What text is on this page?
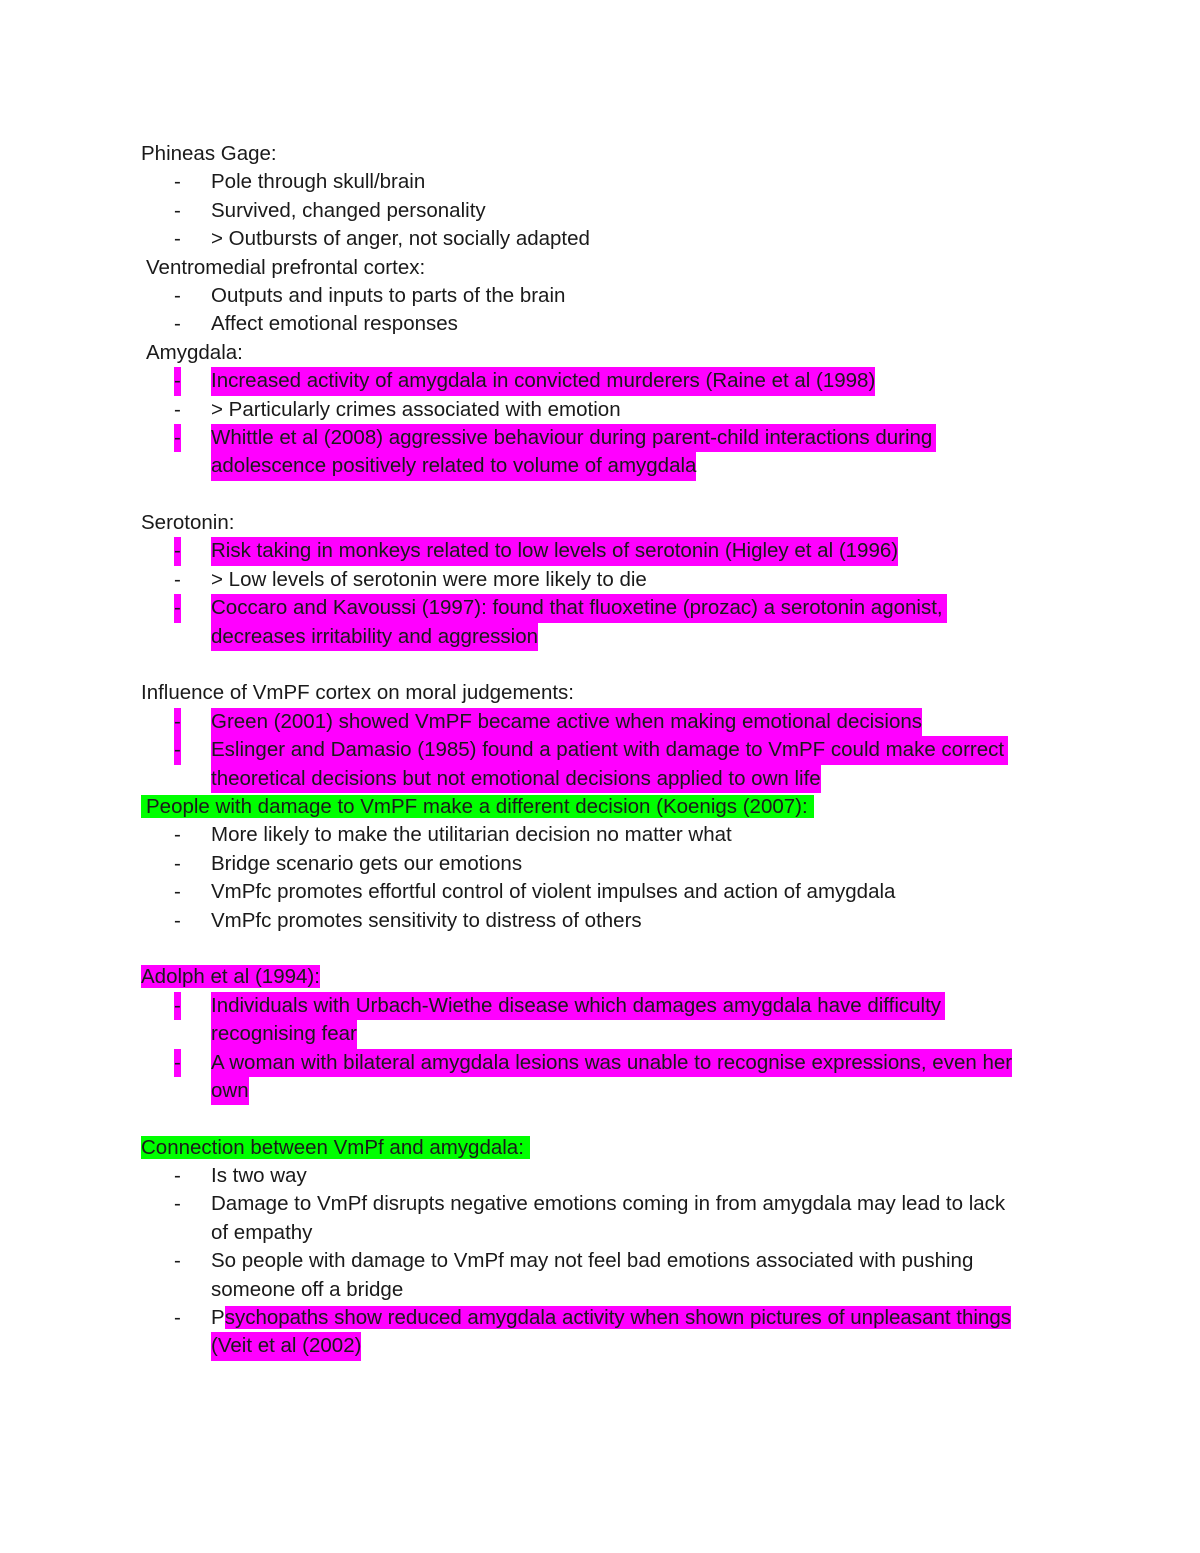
Phineas Gage:
- Pole through skull/brain
- Survived, changed personality
- > Outbursts of anger, not socially adapted
Ventromedial prefrontal cortex:
- Outputs and inputs to parts of the brain
- Affect emotional responses
Amygdala:
- Increased activity of amygdala in convicted murderers (Raine et al (1998)
- > Particularly crimes associated with emotion
- Whittle et al (2008) aggressive behaviour during parent-child interactions during
adolescence positively related to volume of amygdala
Serotonin:
- Risk taking in monkeys related to low levels of serotonin (Higley et al (1996)
- > Low levels of serotonin were more likely to die
- Coccaro and Kavoussi (1997): found that fluoxetine (prozac) a serotonin agonist,
decreases irritability and aggression
Influence of VmPF cortex on moral judgements:
- Green (2001) showed VmPF became active when making emotional decisions
- Eslinger and Damasio (1985) found a patient with damage to VmPF could make correct
theoretical decisions but not emotional decisions applied to own life
People with damage to VmPF make a different decision (Koenigs (2007):
- More likely to make the utilitarian decision no matter what
- Bridge scenario gets our emotions
- VmPfc promotes effortful control of violent impulses and action of amygdala
- VmPfc promotes sensitivity to distress of others
Adolph et al (1994):
- Individuals with Urbach-Wiethe disease which damages amygdala have difficulty
recognising fear
- A woman with bilateral amygdala lesions was unable to recognise expressions, even her
own
Connection between VmPf and amygdala:
- Is two way
- Damage to VmPf disrupts negative emotions coming in from amygdala may lead to lack
of empathy
- So people with damage to VmPf may not feel bad emotions associated with pushing
someone off a bridge
- Psychopaths show reduced amygdala activity when shown pictures of unpleasant things
(Veit et al (2002)
